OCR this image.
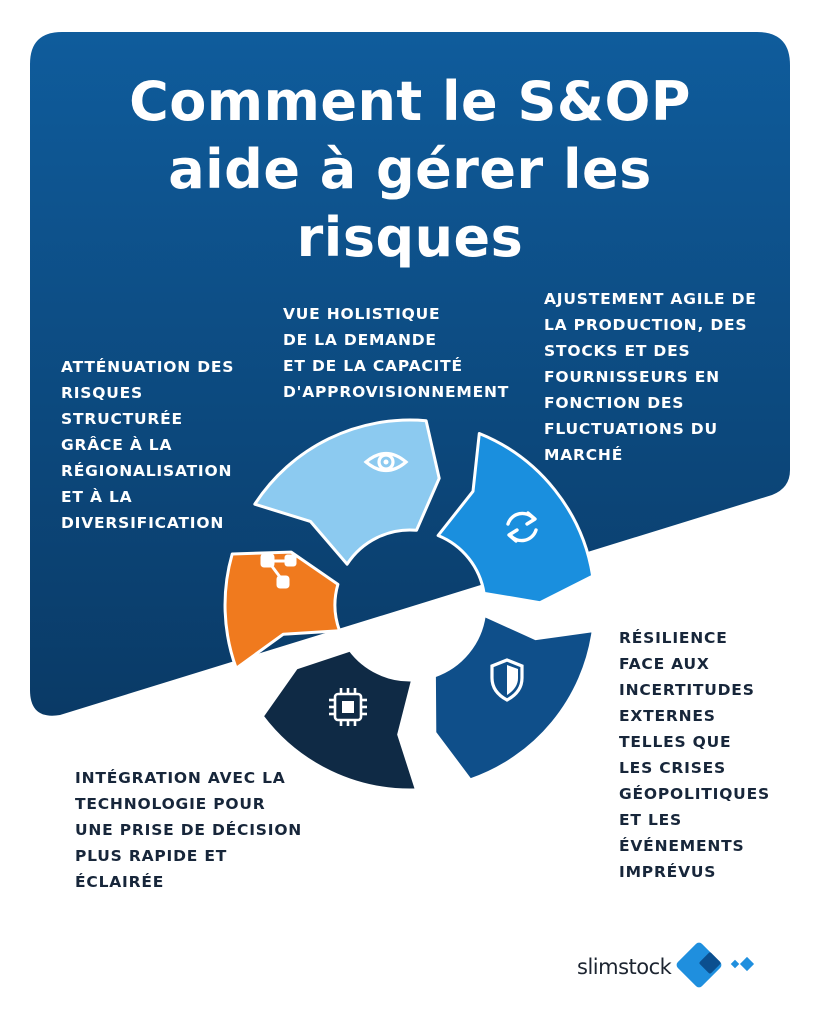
Comment le S&OP
aide à gérer les
risques
VUE HOLISTIQUE
DE LA DEMANDE
ET DE LA CAPACITÉ
D'APPROVISIONNEMENT
AJUSTEMENT AGILE DE
LA PRODUCTION, DES
STOCKS ET DES
FOURNISSEURS EN
FONCTION DES
FLUCTUATIONS DU
MARCHÉ
ATTÉNUATION DES
RISQUES
STRUCTURÉE
GRÂCE À LA
RÉGIONALISATION
ET À LA
DIVERSIFICATION
RÉSILIENCE
FACE AUX
INCERTITUDES
EXTERNES
TELLES QUE
LES CRISES
GÉOPOLITIQUES
ET LES
ÉVÉNEMENTS
IMPRÉVUS
INTÉGRATION AVEC LA
TECHNOLOGIE POUR
UNE PRISE DE DÉCISION
PLUS RAPIDE ET
ÉCLAIRÉE
slimstock
